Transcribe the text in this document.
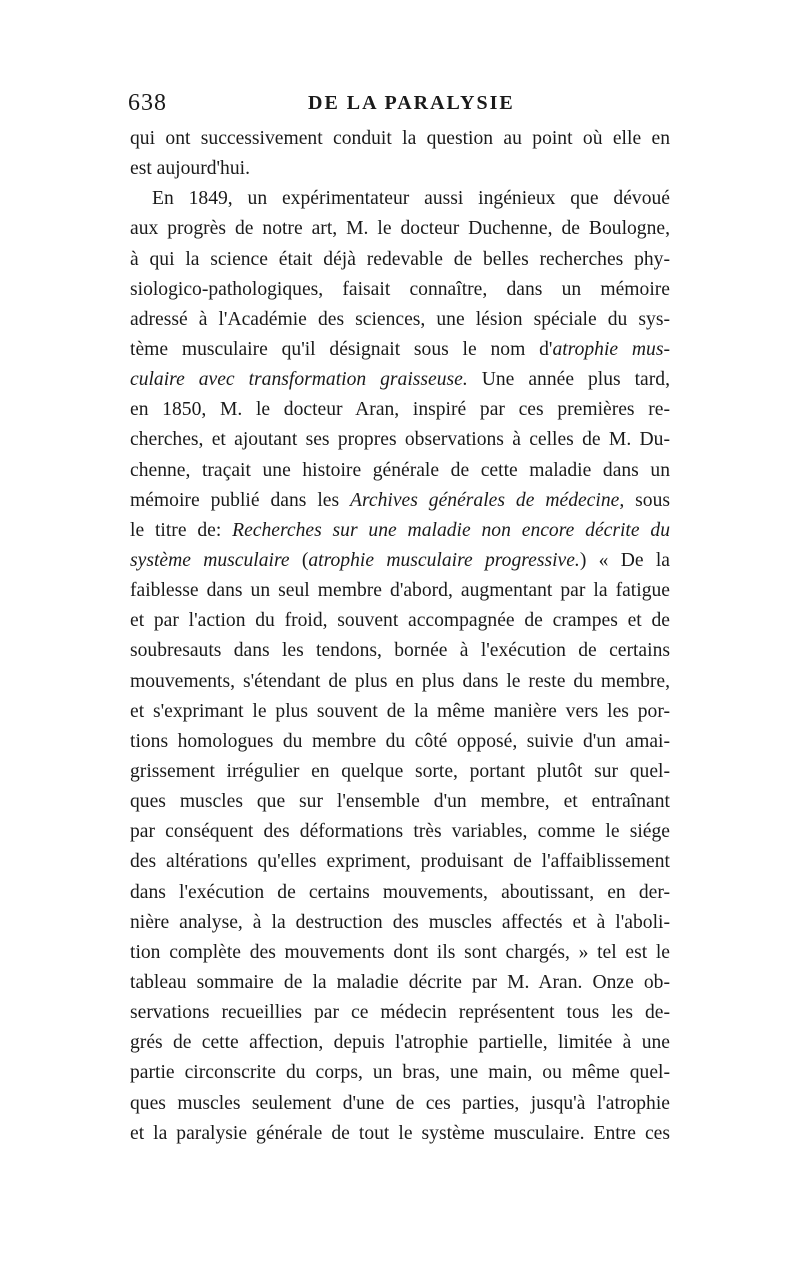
638	DE LA PARALYSIE
qui ont successivement conduit la question au point où elle en
est aujourd'hui.
En 1849, un expérimentateur aussi ingénieux que dévoué
aux progrès de notre art, M. le docteur Duchenne, de Boulogne,
à qui la science était déjà redevable de belles recherches phy-
siologico-pathologiques, faisait connaître, dans un mémoire
adressé à l'Académie des sciences, une lésion spéciale du sys-
tème musculaire qu'il désignait sous le nom d'atrophie mus-
culaire avec transformation graisseuse. Une année plus tard,
en 1850, M. le docteur Aran, inspiré par ces premières re-
cherches, et ajoutant ses propres observations à celles de M. Du-
chenne, traçait une histoire générale de cette maladie dans un
mémoire publié dans les Archives générales de médecine, sous
le titre de: Recherches sur une maladie non encore décrite du
système musculaire (atrophie musculaire progressive.) « De la
faiblesse dans un seul membre d'abord, augmentant par la fatigue
et par l'action du froid, souvent accompagnée de crampes et de
soubresauts dans les tendons, bornée à l'exécution de certains
mouvements, s'étendant de plus en plus dans le reste du membre,
et s'exprimant le plus souvent de la même manière vers les por-
tions homologues du membre du côté opposé, suivie d'un amai-
grissement irrégulier en quelque sorte, portant plutôt sur quel-
ques muscles que sur l'ensemble d'un membre, et entraînant
par conséquent des déformations très variables, comme le siége
des altérations qu'elles expriment, produisant de l'affaiblissement
dans l'exécution de certains mouvements, aboutissant, en der-
nière analyse, à la destruction des muscles affectés et à l'aboli-
tion complète des mouvements dont ils sont chargés, » tel est le
tableau sommaire de la maladie décrite par M. Aran. Onze ob-
servations recueillies par ce médecin représentent tous les de-
grés de cette affection, depuis l'atrophie partielle, limitée à une
partie circonscrite du corps, un bras, une main, ou même quel-
ques muscles seulement d'une de ces parties, jusqu'à l'atrophie
et la paralysie générale de tout le système musculaire. Entre ces
